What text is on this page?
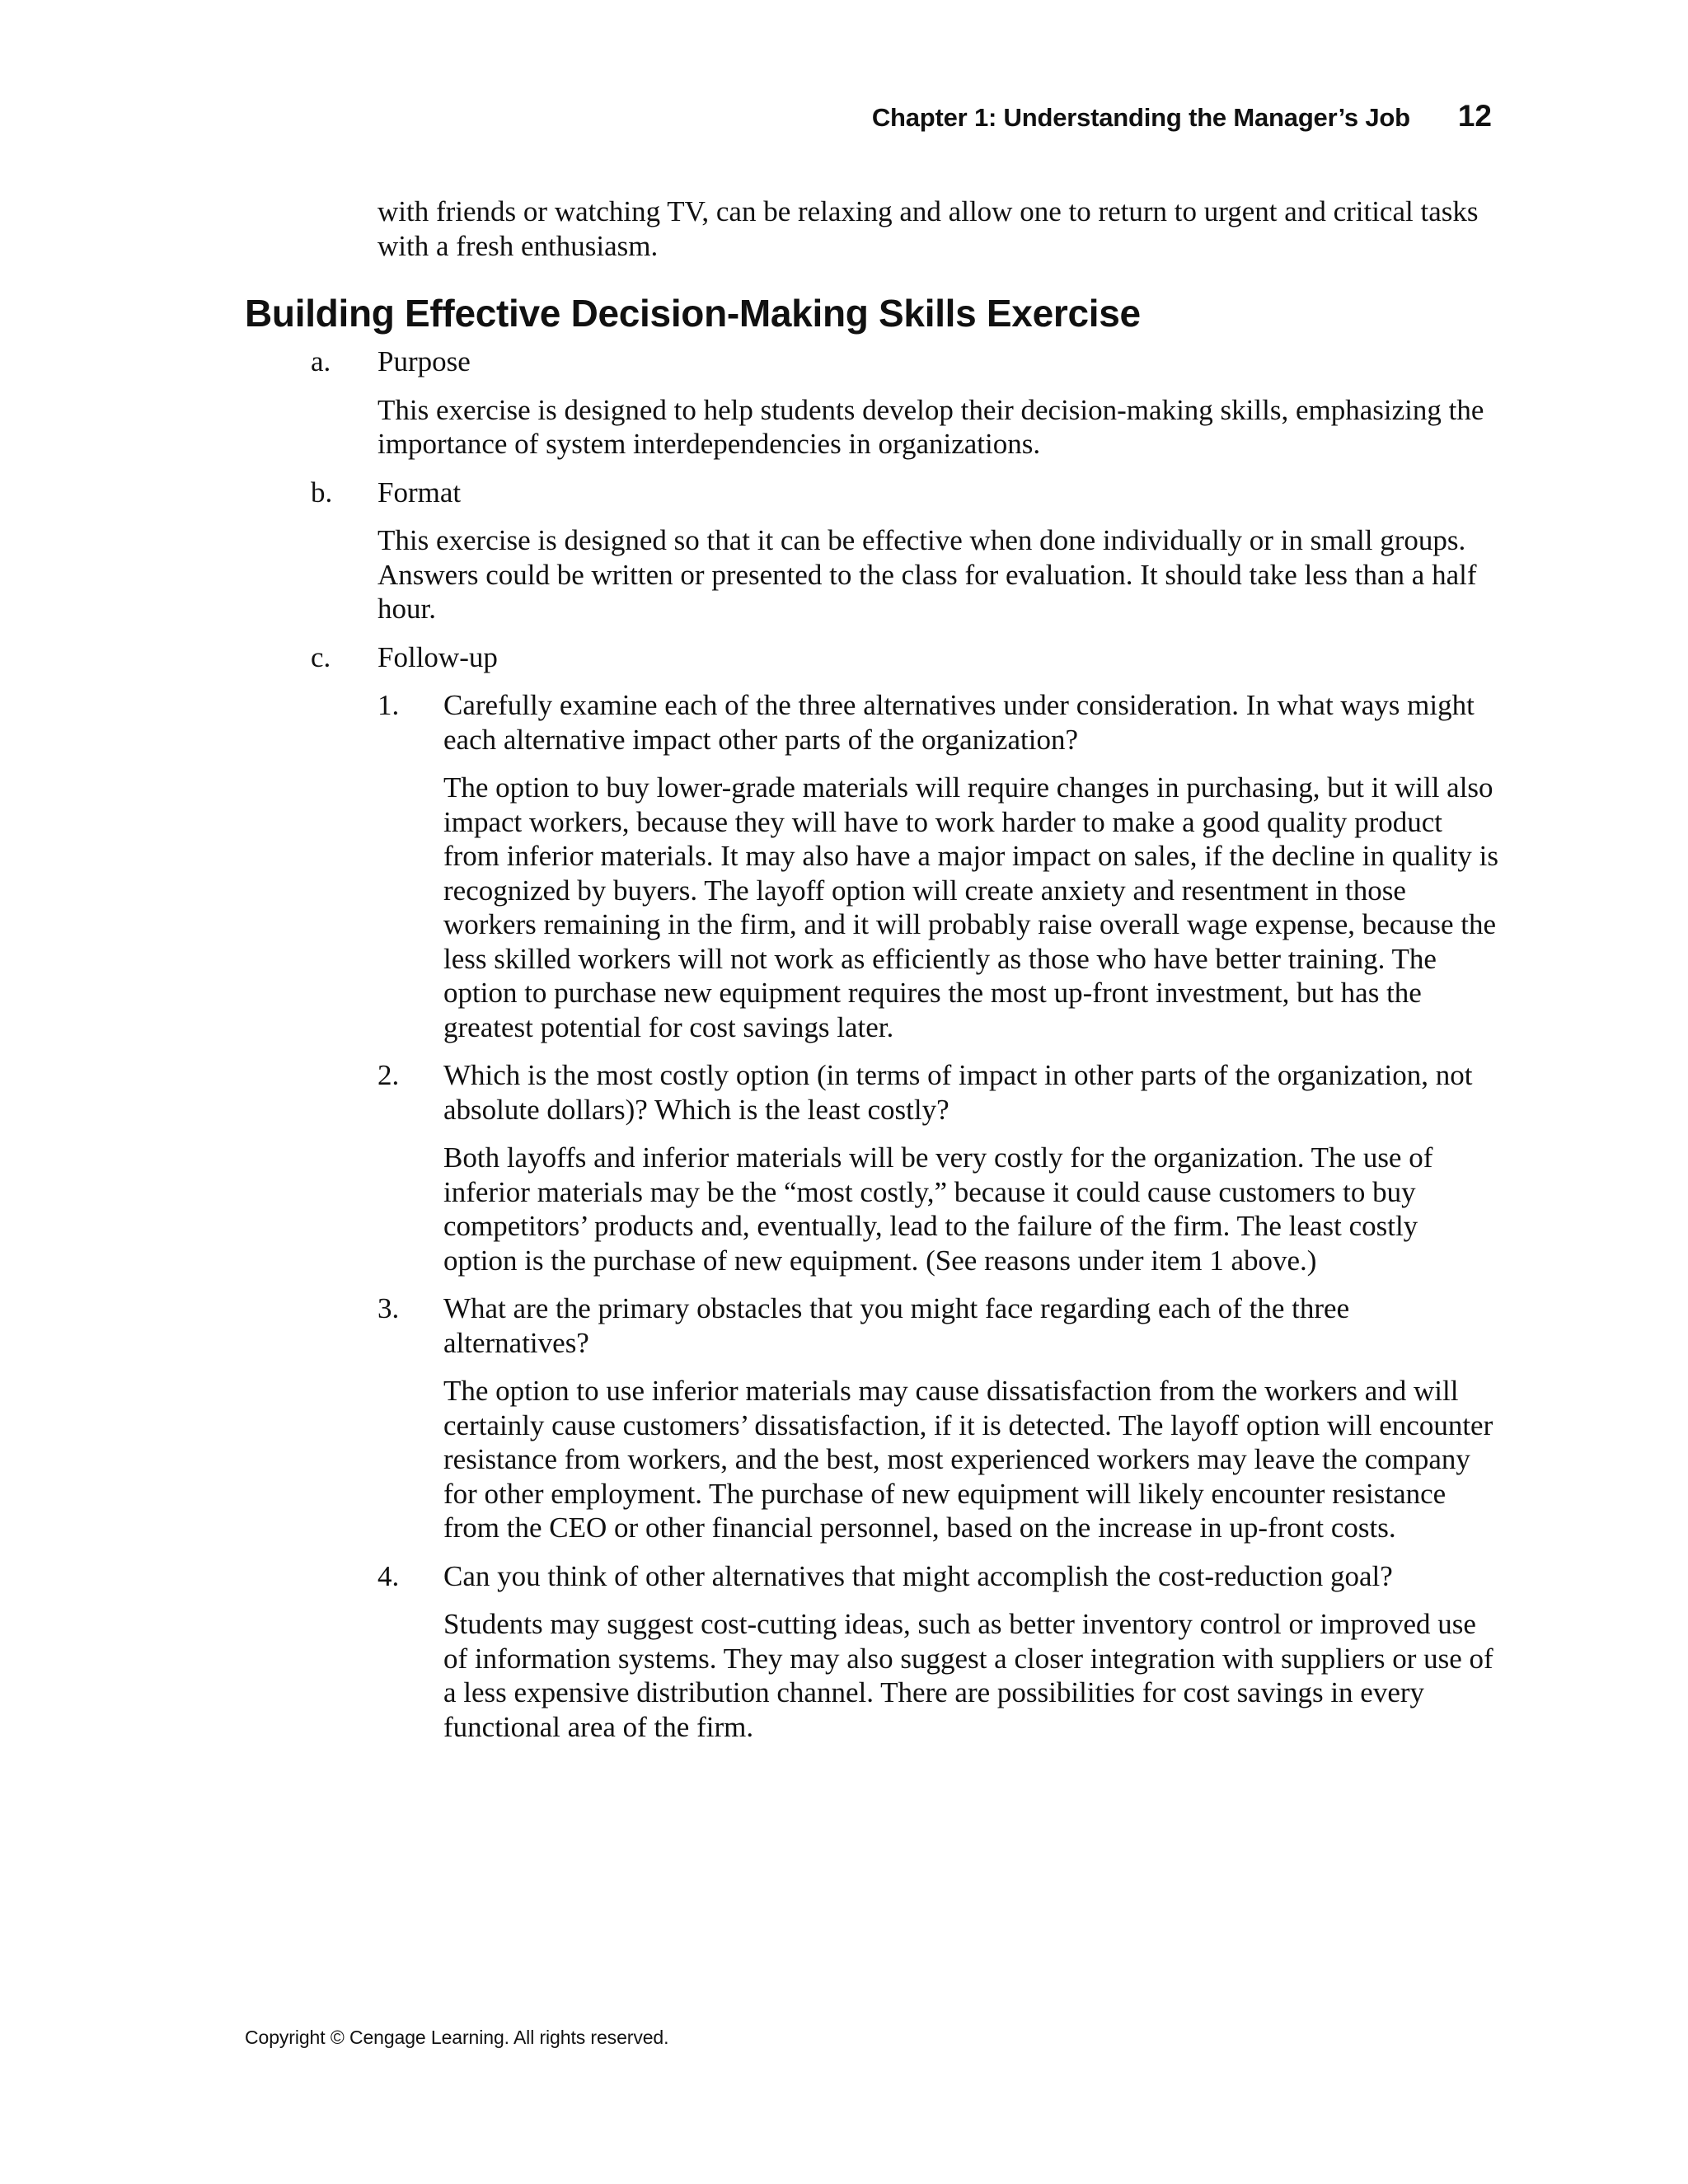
Chapter 1: Understanding the Manager’s Job 12

with friends or watching TV, can be relaxing and allow one to return to urgent and critical tasks with a fresh enthusiasm.

Building Effective Decision-Making Skills Exercise
a.	Purpose

This exercise is designed to help students develop their decision-making skills, emphasizing the importance of system interdependencies in organizations.

b.	Format

This exercise is designed so that it can be effective when done individually or in small groups. Answers could be written or presented to the class for evaluation. It should take less than a half hour.

c.	Follow-up

1. Carefully examine each of the three alternatives under consideration. In what ways might each alternative impact other parts of the organization?

The option to buy lower-grade materials will require changes in purchasing, but it will also impact workers, because they will have to work harder to make a good quality product from inferior materials. It may also have a major impact on sales, if the decline in quality is recognized by buyers. The layoff option will create anxiety and resentment in those workers remaining in the firm, and it will probably raise overall wage expense, because the less skilled workers will not work as efficiently as those who have better training. The option to purchase new equipment requires the most up-front investment, but has the greatest potential for cost savings later.

2. Which is the most costly option (in terms of impact in other parts of the organization, not absolute dollars)? Which is the least costly?

Both layoffs and inferior materials will be very costly for the organization. The use of inferior materials may be the “most costly,” because it could cause customers to buy competitors’ products and, eventually, lead to the failure of the firm. The least costly option is the purchase of new equipment. (See reasons under item 1 above.)

3. What are the primary obstacles that you might face regarding each of the three alternatives?

The option to use inferior materials may cause dissatisfaction from the workers and will certainly cause customers’ dissatisfaction, if it is detected. The layoff option will encounter resistance from workers, and the best, most experienced workers may leave the company for other employment. The purchase of new equipment will likely encounter resistance from the CEO or other financial personnel, based on the increase in up-front costs.

4. Can you think of other alternatives that might accomplish the cost-reduction goal?

Students may suggest cost-cutting ideas, such as better inventory control or improved use of information systems. They may also suggest a closer integration with suppliers or use of a less expensive distribution channel. There are possibilities for cost savings in every functional area of the firm.

Copyright © Cengage Learning. All rights reserved.
